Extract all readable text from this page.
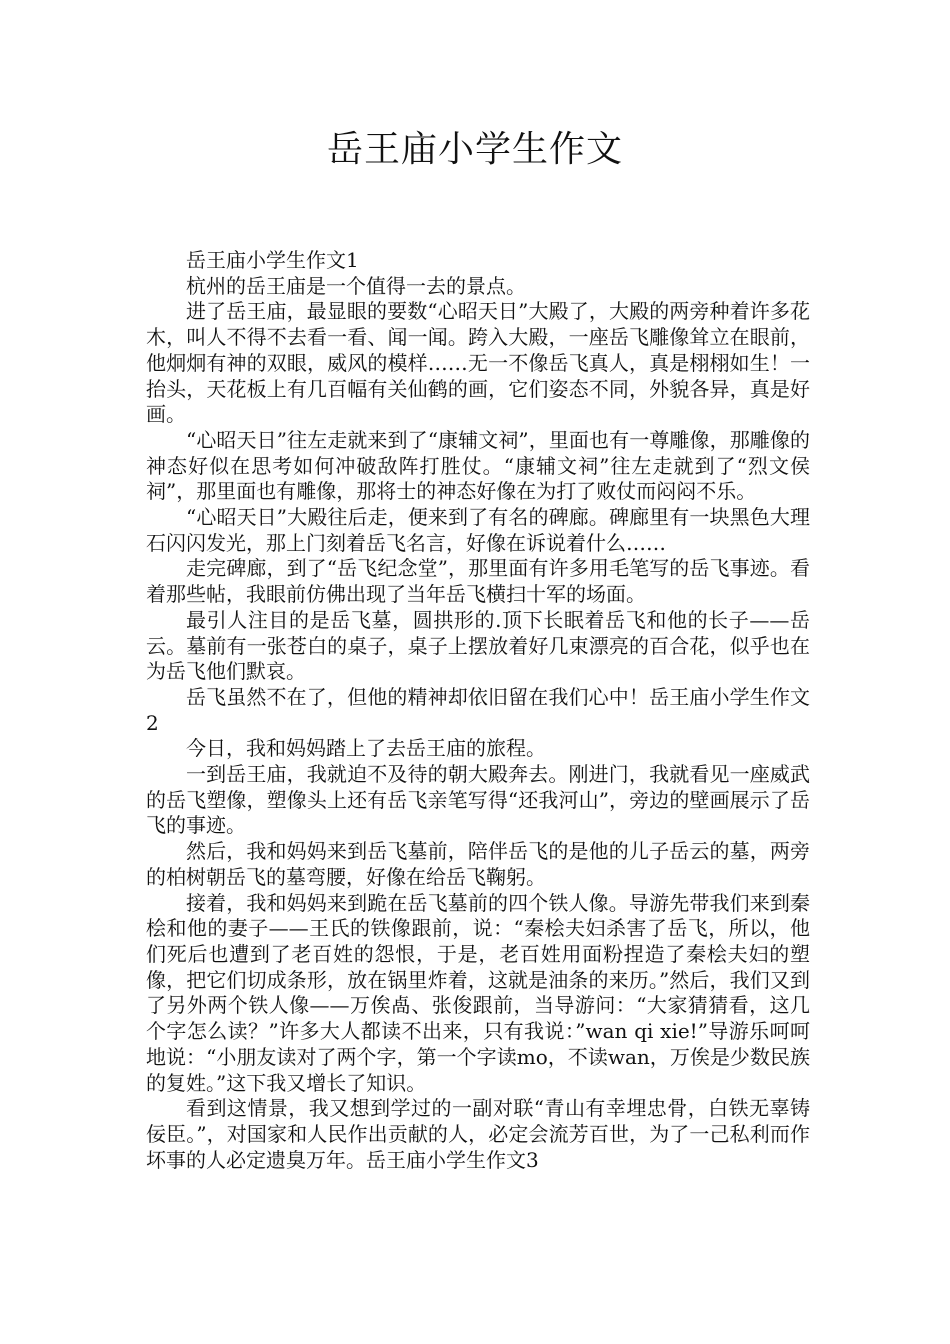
岳王庙小学生作文

岳王庙小学生作文1

杭州的岳王庙是一个值得一去的景点。

进了岳王庙，最显眼的要数“心昭天日”大殿了，大殿的两旁种着许多花木，叫人不得不去看一看、闻一闻。跨入大殿，一座岳飞雕像耸立在眼前，他炯炯有神的双眼，威风的模样……无一不像岳飞真人，真是栩栩如生！一抬头，天花板上有几百幅有关仙鹤的画，它们姿态不同，外貌各异，真是好画。

“心昭天日”往左走就来到了“康辅文祠”，里面也有一尊雕像，那雕像的神态好似在思考如何冲破敌阵打胜仗。“康辅文祠”往左走就到了“烈文侯祠”，那里面也有雕像，那将士的神态好像在为打了败仗而闷闷不乐。

“心昭天日”大殿往后走，便来到了有名的碑廊。碑廊里有一块黑色大理石闪闪发光，那上门刻着岳飞名言，好像在诉说着什么……

走完碑廊，到了“岳飞纪念堂”，那里面有许多用毛笔写的岳飞事迹。看着那些帖，我眼前仿佛出现了当年岳飞横扫十军的场面。

最引人注目的是岳飞墓，圆拱形的.顶下长眠着岳飞和他的长子——岳云。墓前有一张苍白的桌子，桌子上摆放着好几束漂亮的百合花，似乎也在为岳飞他们默哀。

岳飞虽然不在了，但他的精神却依旧留在我们心中！岳王庙小学生作文2

今日，我和妈妈踏上了去岳王庙的旅程。

一到岳王庙，我就迫不及待的朝大殿奔去。刚进门，我就看见一座威武的岳飞塑像，塑像头上还有岳飞亲笔写得“还我河山”，旁边的壁画展示了岳飞的事迹。

然后，我和妈妈来到岳飞墓前，陪伴岳飞的是他的儿子岳云的墓，两旁的柏树朝岳飞的墓弯腰，好像在给岳飞鞠躬。

接着，我和妈妈来到跪在岳飞墓前的四个铁人像。导游先带我们来到秦桧和他的妻子——王氏的铁像跟前，说：“秦桧夫妇杀害了岳飞，所以，他们死后也遭到了老百姓的怨恨，于是，老百姓用面粉捏造了秦桧夫妇的塑像，把它们切成条形，放在锅里炸着，这就是油条的来历。”然后，我们又到了另外两个铁人像——万俟卨、张俊跟前，当导游问：“大家猜猜看，这几个字怎么读？”许多大人都读不出来，只有我说：”wan qi xie!”导游乐呵呵地说：“小朋友读对了两个字，第一个字读mo，不读wan，万俟是少数民族的复姓。”这下我又增长了知识。

看到这情景，我又想到学过的一副对联“青山有幸埋忠骨，白铁无辜铸佞臣。”，对国家和人民作出贡献的人，必定会流芳百世，为了一己私利而作坏事的人必定遗臭万年。岳王庙小学生作文3
